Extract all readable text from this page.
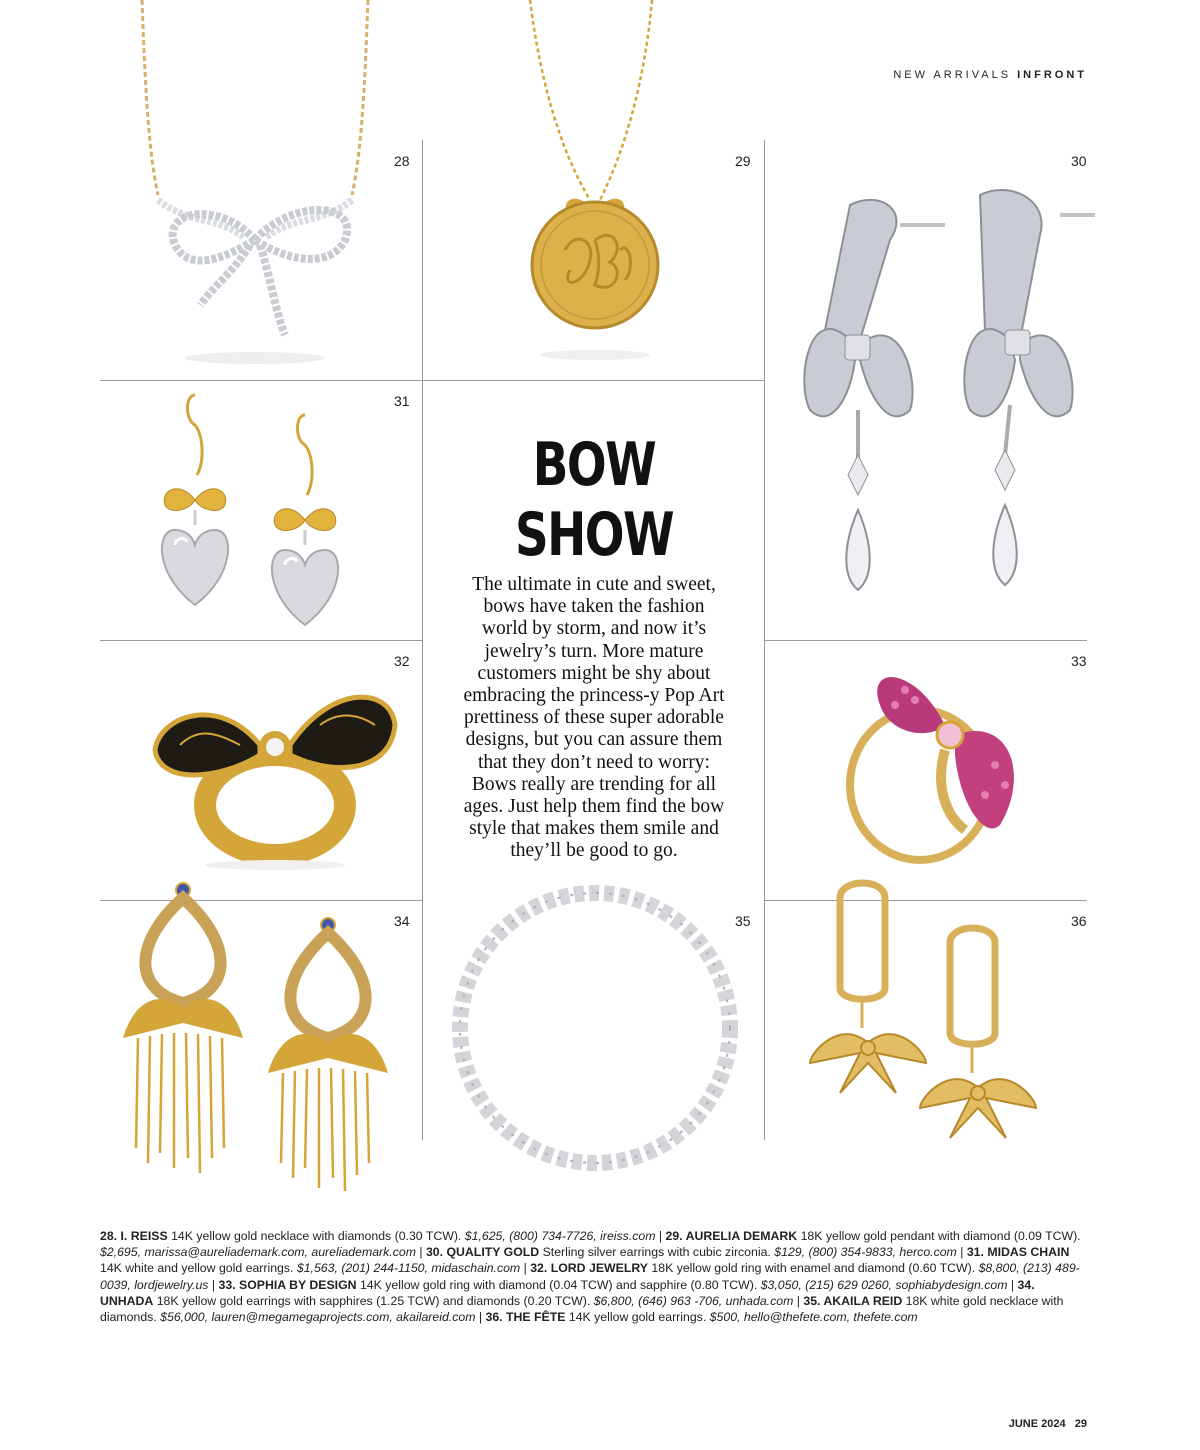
NEW ARRIVALS INFRONT
28	29	30
31
32	33
34	35	36
BOW SHOW

The ultimate in cute and sweet, bows have taken the fashion world by storm, and now it’s jewelry’s turn. More mature customers might be shy about embracing the princess-y Pop Art prettiness of these super adorable designs, but you can assure them that they don’t need to worry: Bows really are trending for all ages. Just help them find the bow style that makes them smile and they’ll be good to go.

28. I. REISS 14K yellow gold necklace with diamonds (0.30 TCW). $1,625, (800) 734-7726, ireiss.com | 29. AURELIA DEMARK 18K yellow gold pendant with diamond (0.09 TCW). $2,695, marissa@aureliademark.com, aureliademark.com | 30. QUALITY GOLD Sterling silver earrings with cubic zirconia. $129, (800) 354-9833, herco.com | 31. MIDAS CHAIN 14K white and yellow gold earrings. $1,563, (201) 244-1150, midaschain.com | 32. LORD JEWELRY 18K yellow gold ring with enamel and diamond (0.60 TCW). $8,800, (213) 489-0039, lordjewelry.us | 33. SOPHIA BY DESIGN 14K yellow gold ring with diamond (0.04 TCW) and sapphire (0.80 TCW). $3,050, (215) 629 0260, sophiabydesign.com | 34. UNHADA 18K yellow gold earrings with sapphires (1.25 TCW) and diamonds (0.20 TCW). $6,800, (646) 963 -706, unhada.com | 35. AKAILA REID 18K white gold necklace with diamonds. $56,000, lauren@megamegaprojects.com, akailareid.com | 36. THE FÊTE 14K yellow gold earrings. $500, hello@thefete.com, thefete.com
JUNE 2024 29
